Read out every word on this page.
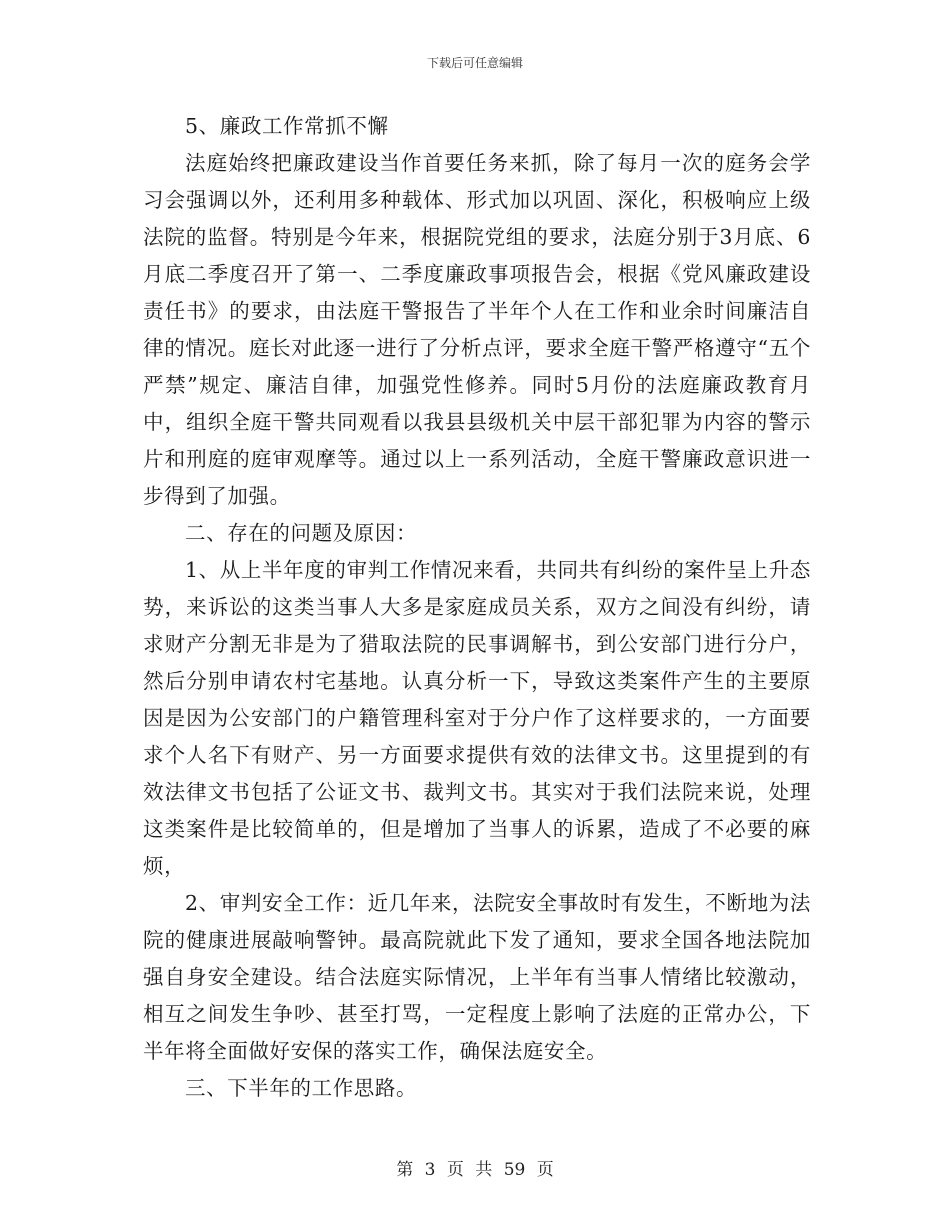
下载后可任意编辑

5、廉政工作常抓不懈

法庭始终把廉政建设当作首要任务来抓，除了每月一次的庭务会学习会强调以外，还利用多种载体、形式加以巩固、深化，积极响应上级法院的监督。特别是今年来，根据院党组的要求，法庭分别于3月底、6月底二季度召开了第一、二季度廉政事项报告会，根据《党风廉政建设责任书》的要求，由法庭干警报告了半年个人在工作和业余时间廉洁自律的情况。庭长对此逐一进行了分析点评，要求全庭干警严格遵守“五个严禁”规定、廉洁自律，加强党性修养。同时5月份的法庭廉政教育月中，组织全庭干警共同观看以我县县级机关中层干部犯罪为内容的警示片和刑庭的庭审观摩等。通过以上一系列活动，全庭干警廉政意识进一步得到了加强。

二、存在的问题及原因：

1、从上半年度的审判工作情况来看，共同共有纠纷的案件呈上升态势，来诉讼的这类当事人大多是家庭成员关系，双方之间没有纠纷，请求财产分割无非是为了猎取法院的民事调解书，到公安部门进行分户，然后分别申请农村宅基地。认真分析一下，导致这类案件产生的主要原因是因为公安部门的户籍管理科室对于分户作了这样要求的，一方面要求个人名下有财产、另一方面要求提供有效的法律文书。这里提到的有效法律文书包括了公证文书、裁判文书。其实对于我们法院来说，处理这类案件是比较简单的，但是增加了当事人的诉累，造成了不必要的麻烦，

2、审判安全工作：近几年来，法院安全事故时有发生，不断地为法院的健康进展敲响警钟。最高院就此下发了通知，要求全国各地法院加强自身安全建设。结合法庭实际情况，上半年有当事人情绪比较激动，相互之间发生争吵、甚至打骂，一定程度上影响了法庭的正常办公，下半年将全面做好安保的落实工作，确保法庭安全。

三、下半年的工作思路。

第 3 页 共 59 页
